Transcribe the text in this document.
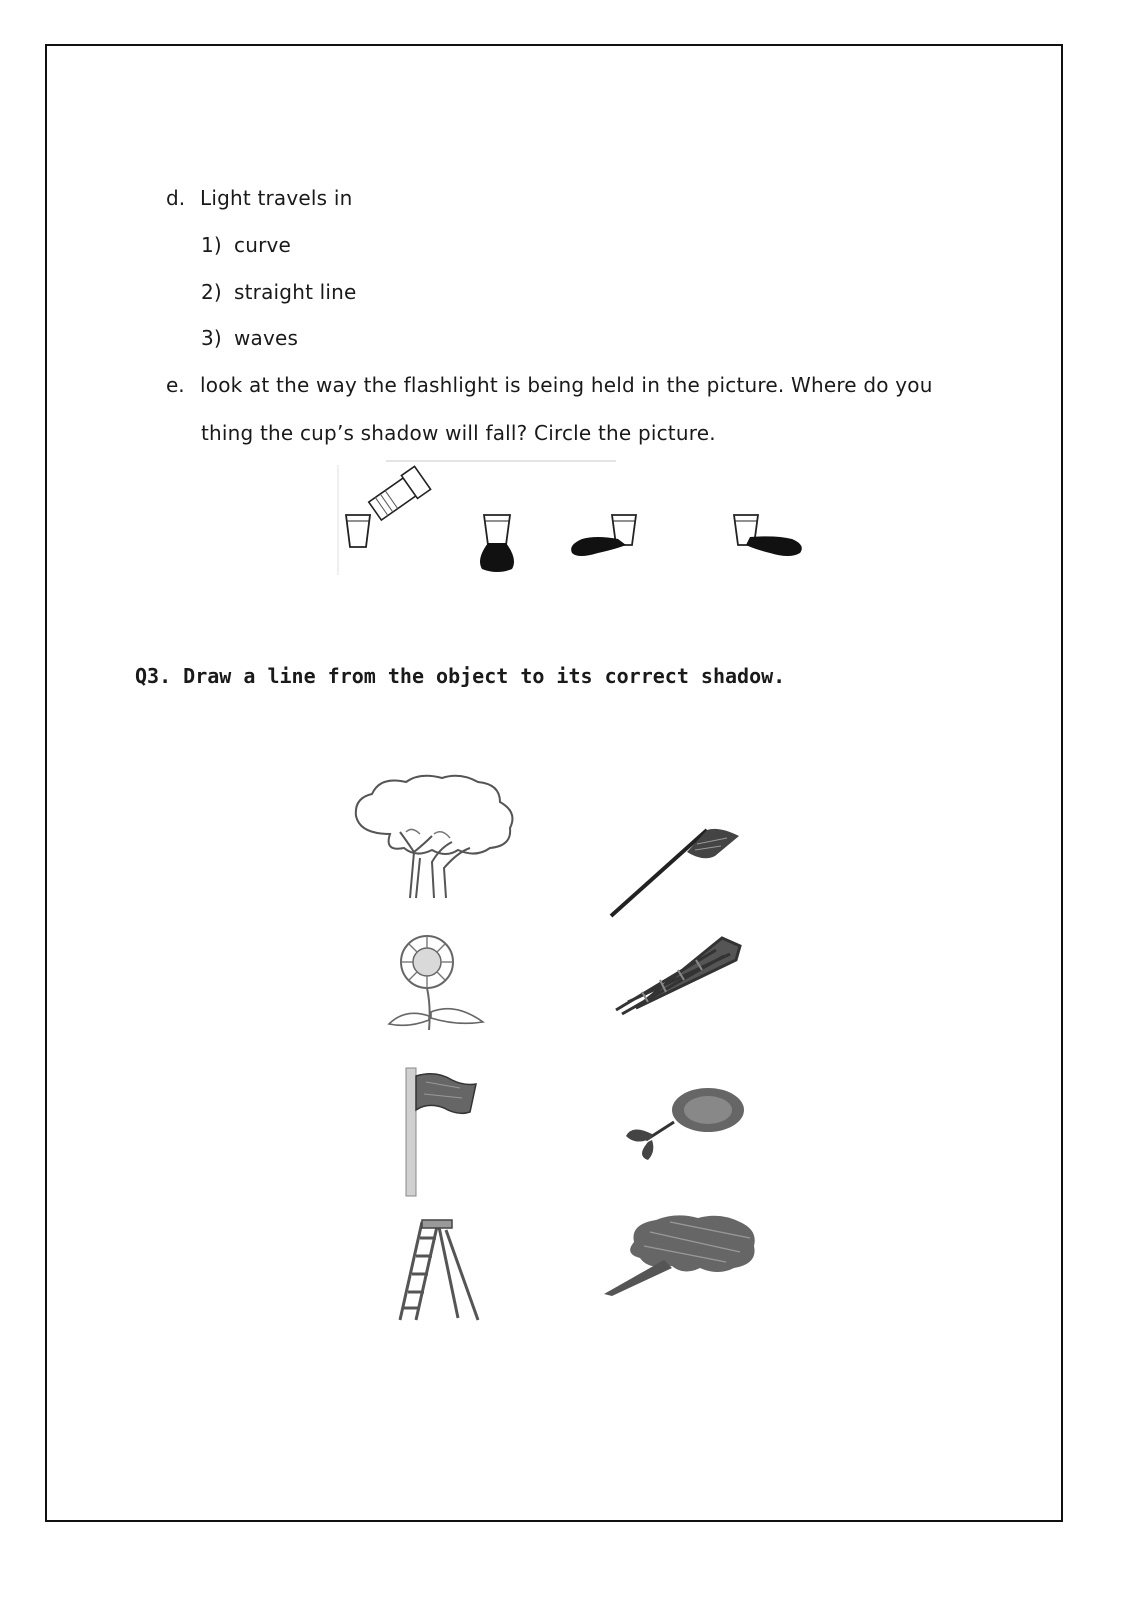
d. Light travels in
1) curve
2) straight line
3) waves
e. look at the way the flashlight is being held in the picture. Where do you
thing the cup’s shadow will fall? Circle the picture.
Q3. Draw a line from the object to its correct shadow.
